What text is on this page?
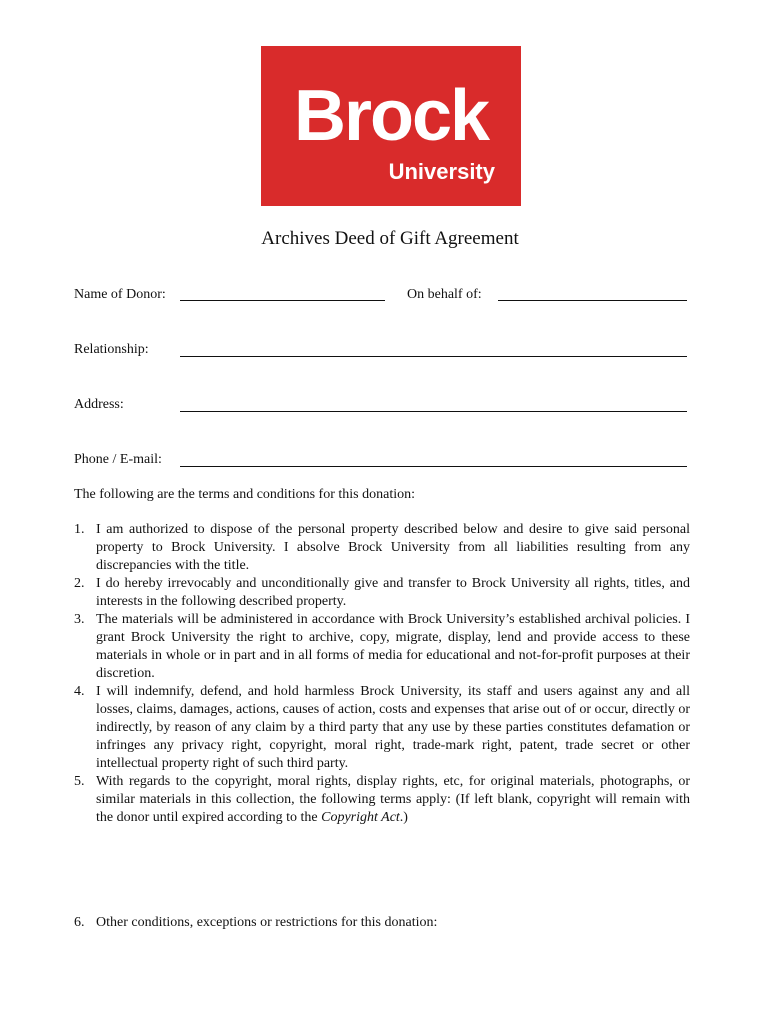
Brock
University
Archives Deed of Gift Agreement
Name of Donor:	On behalf of:
Relationship:
Address:
Phone / E-mail:
The following are the terms and conditions for this donation:
1. I am authorized to dispose of the personal property described below and desire to give said personal property to Brock University. I absolve Brock University from all liabilities resulting from any discrepancies with the title.
2. I do hereby irrevocably and unconditionally give and transfer to Brock University all rights, titles, and interests in the following described property.
3. The materials will be administered in accordance with Brock University’s established archival policies. I grant Brock University the right to archive, copy, migrate, display, lend and provide access to these materials in whole or in part and in all forms of media for educational and not-for-profit purposes at their discretion.
4. I will indemnify, defend, and hold harmless Brock University, its staff and users against any and all losses, claims, damages, actions, causes of action, costs and expenses that arise out of or occur, directly or indirectly, by reason of any claim by a third party that any use by these parties constitutes defamation or infringes any privacy right, copyright, moral right, trade-mark right, patent, trade secret or other intellectual property right of such third party.
5. With regards to the copyright, moral rights, display rights, etc, for original materials, photographs, or similar materials in this collection, the following terms apply: (If left blank, copyright will remain with the donor until expired according to the Copyright Act.)
6. Other conditions, exceptions or restrictions for this donation:
